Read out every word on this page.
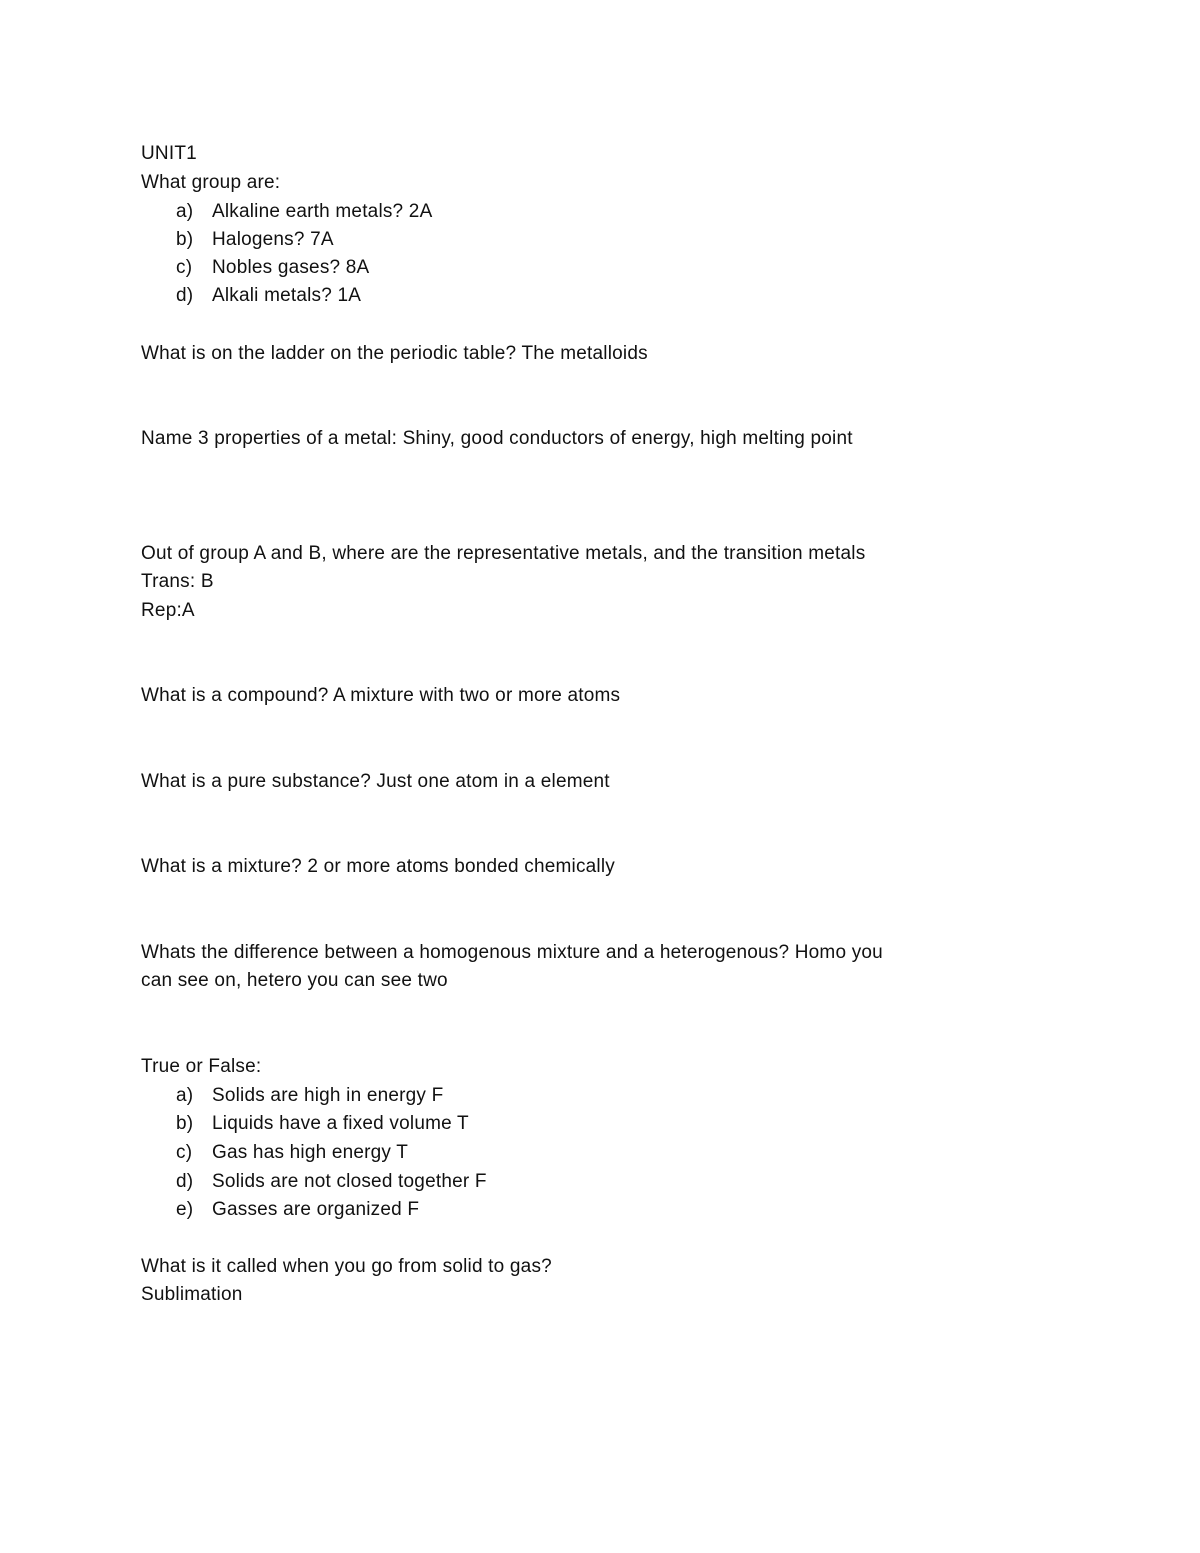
UNIT1
What group are:
a) Alkaline earth metals? 2A
b) Halogens? 7A
c) Nobles gases? 8A
d) Alkali metals? 1A
What is on the ladder on the periodic table? The metalloids
Name 3 properties of a metal: Shiny, good conductors of energy, high melting point
Out of group A and B, where are the representative metals, and the transition metals
Trans: B
Rep:A
What is a compound? A mixture with two or more atoms
What is a pure substance? Just one atom in a element
What is a mixture? 2 or more atoms bonded chemically
Whats the difference between a homogenous mixture and a heterogenous? Homo you
can see on, hetero you can see two
True or False:
a) Solids are high in energy F
b) Liquids have a fixed volume T
c) Gas has high energy T
d) Solids are not closed together F
e) Gasses are organized F
What is it called when you go from solid to gas?
Sublimation
